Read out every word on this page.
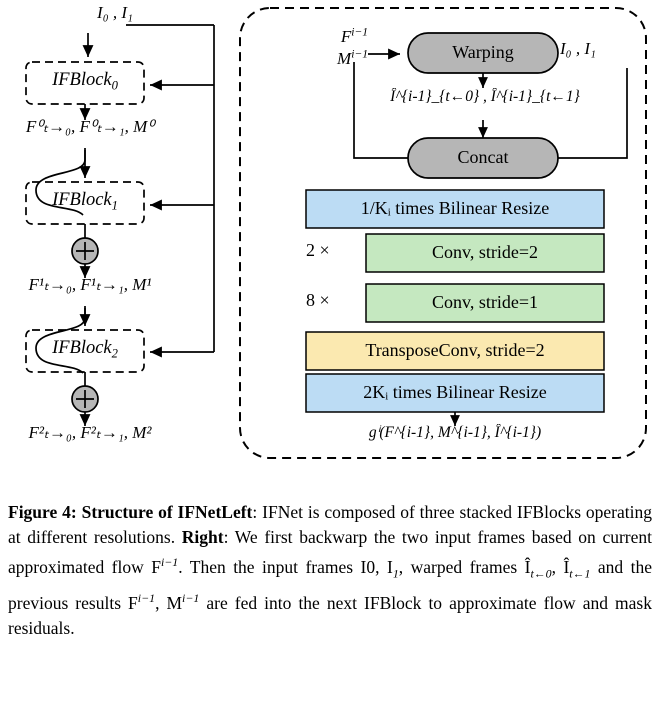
I₀ , I₁
IFBlock$_0$
F⁰ₜ→₀, F⁰ₜ→₁, M⁰
IFBlock$_1$
F¹ₜ→₀, F¹ₜ→₁, M¹
IFBlock$_2$
F²ₜ→₀, F²ₜ→₁, M²
$F^{i-1}$
$M^{i-1}$	Warping	I₀ , I₁
Î^{i-1}_{t←0} , Î^{i-1}_{t←1}
Concat
1/Kᵢ times Bilinear Resize
2 ×	Conv, stride=2
8 ×	Conv, stride=1
TransposeConv, stride=2
2Kᵢ times Bilinear Resize
gⁱ(F^{i-1}, M^{i-1}, Î^{i-1})
Figure 4: Structure of IFNetLeft: IFNet is composed of three stacked IFBlocks operating at different resolutions. Right: We first backwarp the two input frames based on current approximated flow $F^{i-1}$. Then the input frames I0, $I_1$, warped frames $Î_{t\leftarrow 0}$, $Î_{t\leftarrow 1}$ and the previous results $F^{i-1}$, $M^{i-1}$ are fed into the next IFBlock to approximate flow and mask residuals.
